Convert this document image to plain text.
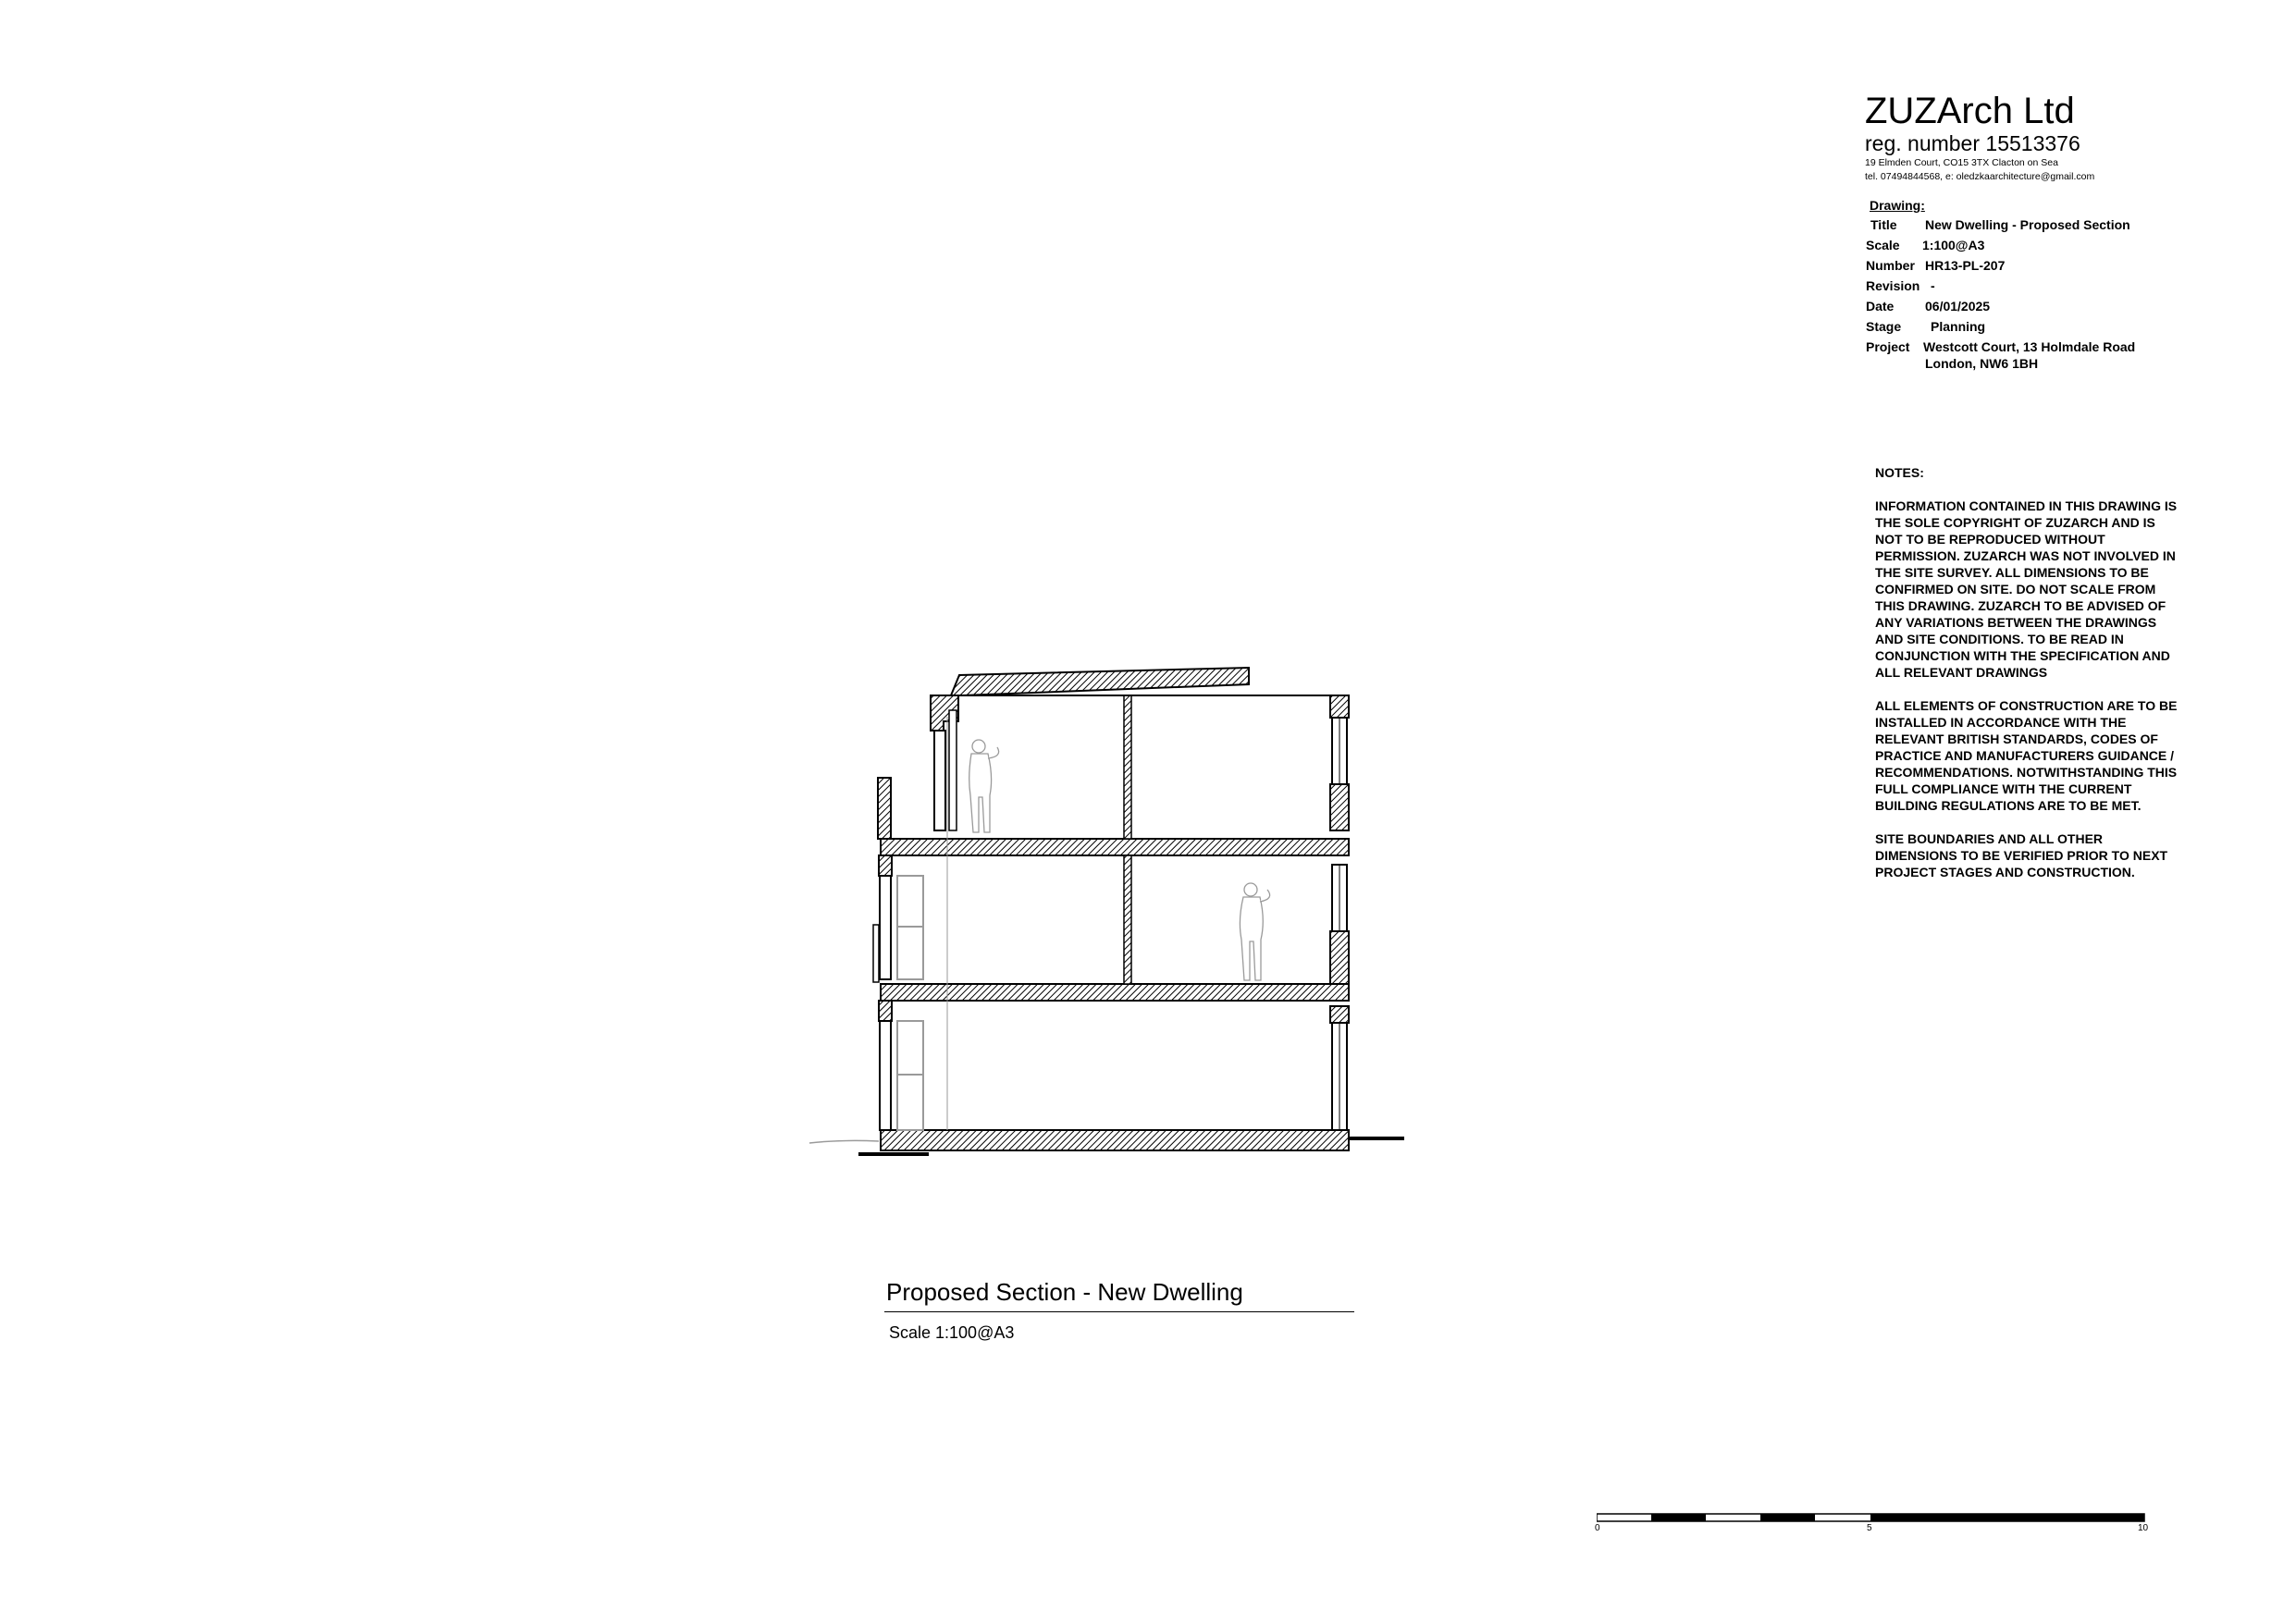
ZUZArch Ltd
reg. number 15513376
19 Elmden Court, CO15 3TX Clacton on Sea
tel. 07494844568, e: oledzkaarchitecture@gmail.com
Drawing:
Title New Dwelling - Proposed Section
Scale 1:100@A3
Number HR13-PL-207
Revision -
Date 06/01/2025
Stage Planning
Project Westcott Court, 13 Holmdale Road
London, NW6 1BH

NOTES:

INFORMATION CONTAINED IN THIS DRAWING IS THE SOLE COPYRIGHT OF ZUZARCH AND IS NOT TO BE REPRODUCED WITHOUT PERMISSION. ZUZARCH WAS NOT INVOLVED IN THE SITE SURVEY. ALL DIMENSIONS TO BE CONFIRMED ON SITE. DO NOT SCALE FROM THIS DRAWING. ZUZARCH TO BE ADVISED OF ANY VARIATIONS BETWEEN THE DRAWINGS AND SITE CONDITIONS. TO BE READ IN CONJUNCTION WITH THE SPECIFICATION AND ALL RELEVANT DRAWINGS

ALL ELEMENTS OF CONSTRUCTION ARE TO BE INSTALLED IN ACCORDANCE WITH THE RELEVANT BRITISH STANDARDS, CODES OF PRACTICE AND MANUFACTURERS GUIDANCE / RECOMMENDATIONS. NOTWITHSTANDING THIS FULL COMPLIANCE WITH THE CURRENT BUILDING REGULATIONS ARE TO BE MET.

SITE BOUNDARIES AND ALL OTHER DIMENSIONS TO BE VERIFIED PRIOR TO NEXT PROJECT STAGES AND CONSTRUCTION.

Proposed Section - New Dwelling
Scale 1:100@A3
0	5	10
